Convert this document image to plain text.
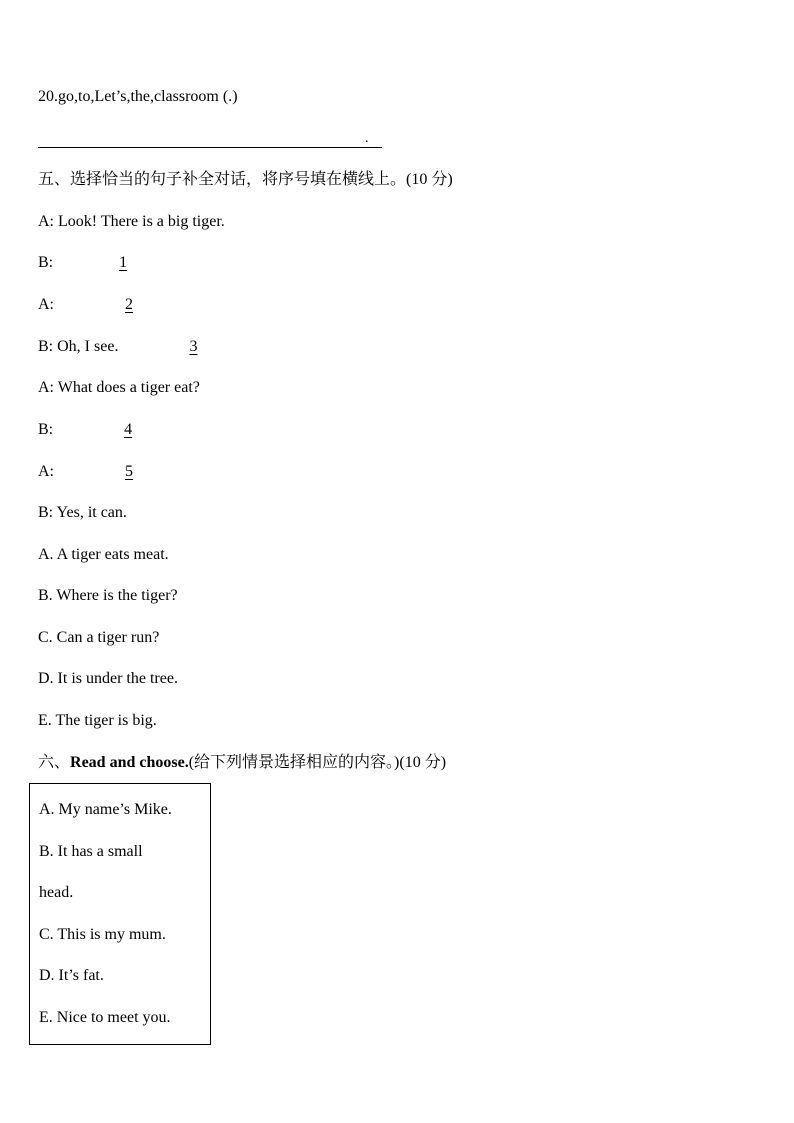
20.go,to,Let’s,the,classroom (.)
.
五、选择恰当的句子补全对话，将序号填在横线上。(10 分)
A: Look! There is a big tiger.
B:	1
A:	2
B: Oh, I see.	3
A: What does a tiger eat?
B:	4
A:	5
B: Yes, it can.
A. A tiger eats meat.
B. Where is the tiger?
C. Can a tiger run?
D. It is under the tree.
E. The tiger is big.
六、Read and choose.(给下列情景选择相应的内容。)(10 分)
A. My name’s Mike.
B. It has a small
head.
C. This is my mum.
D. It’s fat.
E. Nice to meet you.
